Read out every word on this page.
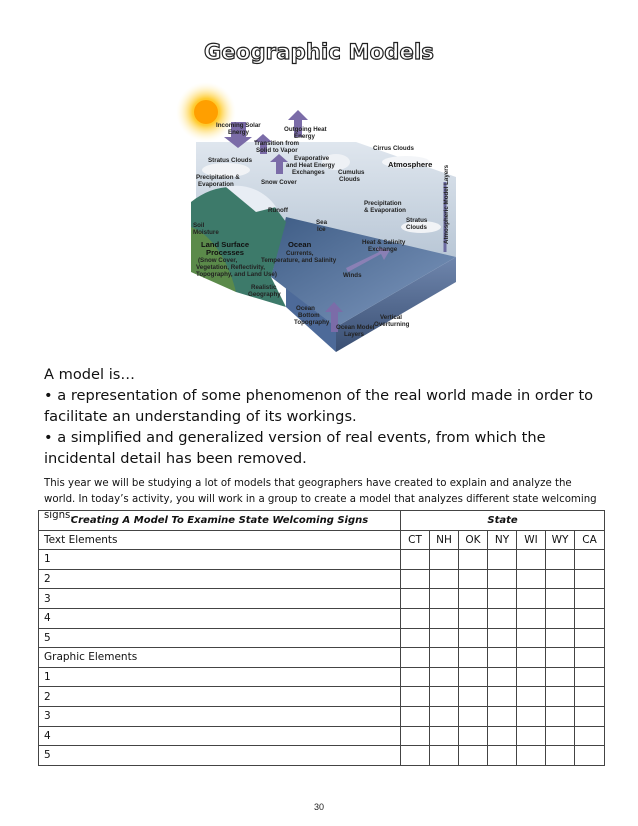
Geographic Models
Incoming Solar
Energy	Outgoing Heat
Energy
Transition from
Solid to Vapor
Stratus Clouds	Evaporative
and Heat Energy
Exchanges
Cirrus Clouds
Cumulus
Clouds
Atmosphere
Precipitation &
Evaporation	Snow Cover
Precipitation
& Evaporation
Soil
Moisture
Runoff
Sea
Ice
Stratus
Clouds	Atmospheric Model Layers
Land Surface
Processes
(Snow Cover,
Vegetation, Reflectivity,
Topography, and Land Use)
Ocean
Currents,
Temperature, and Salinity
Heat & Salinity
Exchange
Winds
Realistic
Geography
Ocean
Bottom
Topography
Vertical
Overturning
Ocean Model
Layers

A model is…

• a representation of some phenomenon of the real world made in order to facilitate an understanding of its workings.

• a simplified and generalized version of real events, from which the incidental detail has been removed.

This year we will be studying a lot of models that geographers have created to explain and analyze the world. In today’s activity, you will work in a group to create a model that analyzes different state welcoming signs.
Creating A Model To Examine State Welcoming Signs	State						
Text Elements	CT	NH	OK	NY	WI	WY	CA
1							
2							
3							
4							
5							
Graphic Elements							
1							
2							
3							
4							
5							
30
